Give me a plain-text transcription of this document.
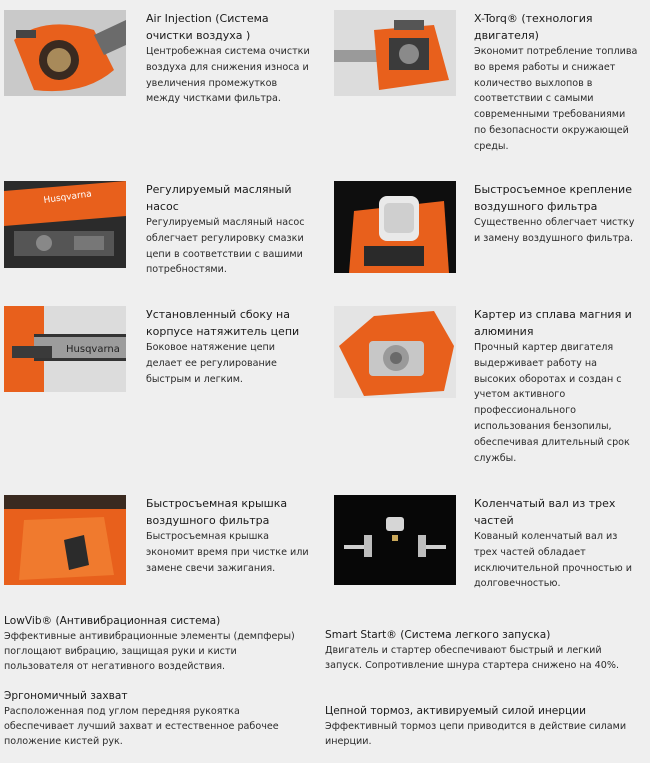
Air Injection (Система очистки воздуха )

Центробежная система очистки воздуха для снижения износа и увеличения промежутков между чистками фильтра.

X-Torq® (технология двигателя)

Экономит потребление топлива во время работы и снижает количество выхлопов в соответствии с самыми современными требованиями по безопасности окружающей среды.

Husqvarna	Регулируемый масляный насос

Регулируемый масляный насос облегчает регулировку смазки цепи в соответствии с вашими потребностями.

Быстросъемное крепление воздушного фильтра

Существенно облегчает чистку и замену воздушного фильтра.

Husqvarna

Установленный сбоку на корпусе натяжитель цепи

Боковое натяжение цепи делает ее регулирование быстрым и легким.

Картер из сплава магния и алюминия

Прочный картер двигателя выдерживает работу на высоких оборотах и создан с учетом активного профессионального использования бензопилы, обеспечивая длительный срок службы.

Быстросъемная крышка воздушного фильтра

Быстросъемная крышка экономит время при чистке или замене свечи зажигания.

Коленчатый вал из трех частей

Кованый коленчатый вал из трех частей обладает исключительной прочностью и долговечностью.

LowVib® (Антивибрационная система)

Эффективные антивибрационные элементы (демпферы) поглощают вибрацию, защищая руки и кисти пользователя от негативного воздействия.

Smart Start® (Система легкого запуска)

Двигатель и стартер обеспечивают быстрый и легкий запуск. Сопротивление шнура стартера снижено на 40%.

Эргономичный захват

Расположенная под углом передняя рукоятка обеспечивает лучший захват и естественное рабочее положение кистей рук.

Цепной тормоз, активируемый силой инерции

Эффективный тормоз цепи приводится в действие силами инерции.
